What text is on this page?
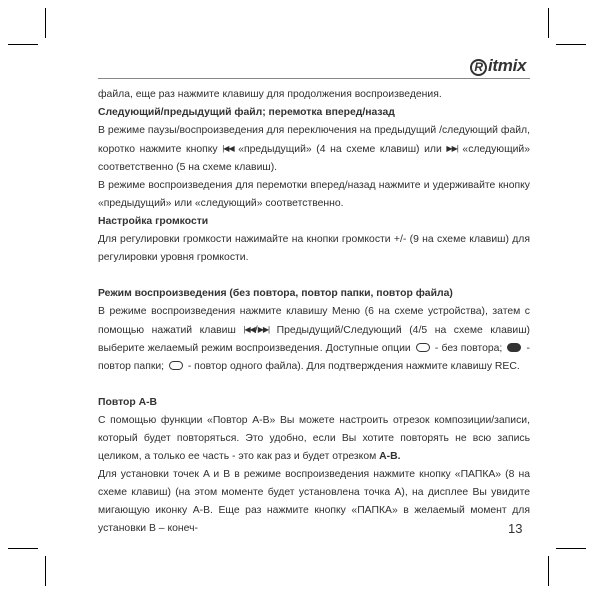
R itmix

файла, еще раз нажмите клавишу для продолжения воспроизведения.

Следующий/предыдущий файл; перемотка вперед/назад

В режиме паузы/воспроизведения для переключения на предыдущий /следующий файл, коротко нажмите кнопку |◀◀ «предыдущий» (4 на схеме клавиш) или ▶▶| «следующий» соответственно (5 на схеме клавиш).

В режиме воспроизведения для перемотки вперед/назад нажмите и удерживайте кнопку «предыдущий» или «следующий» соответственно.

Настройка громкости

Для регулировки громкости нажимайте на кнопки громкости +/- (9 на схеме клавиш) для регулировки уровня громкости.

Режим воспроизведения (без повтора, повтор папки, повтор файла)

В режиме воспроизведения нажмите клавишу Меню (6 на схеме устройства), затем с помощью нажатий клавиш |◀◀/▶▶| Предыдущий/Следующий (4/5 на схеме клавиш) выберите желаемый режим воспроизведения. Доступные опции  - без повтора;  - повтор папки;  - повтор одного файла). Для подтверждения нажмите клавишу REC.

Повтор A-B

С помощью функции «Повтор A-B» Вы можете настроить отрезок композиции/записи, который будет повторяться. Это удобно, если Вы хотите повторять не всю запись целиком, а только ее часть - это как раз и будет отрезком A-B.

Для установки точек A и B в режиме воспроизведения нажмите кнопку «ПАПКА» (8 на схеме клавиш) (на этом моменте будет установлена точка A), на дисплее Вы увидите мигающую иконку A-B. Еще раз нажмите кнопку «ПАПКА» в желаемый момент для установки B – конеч-	13
